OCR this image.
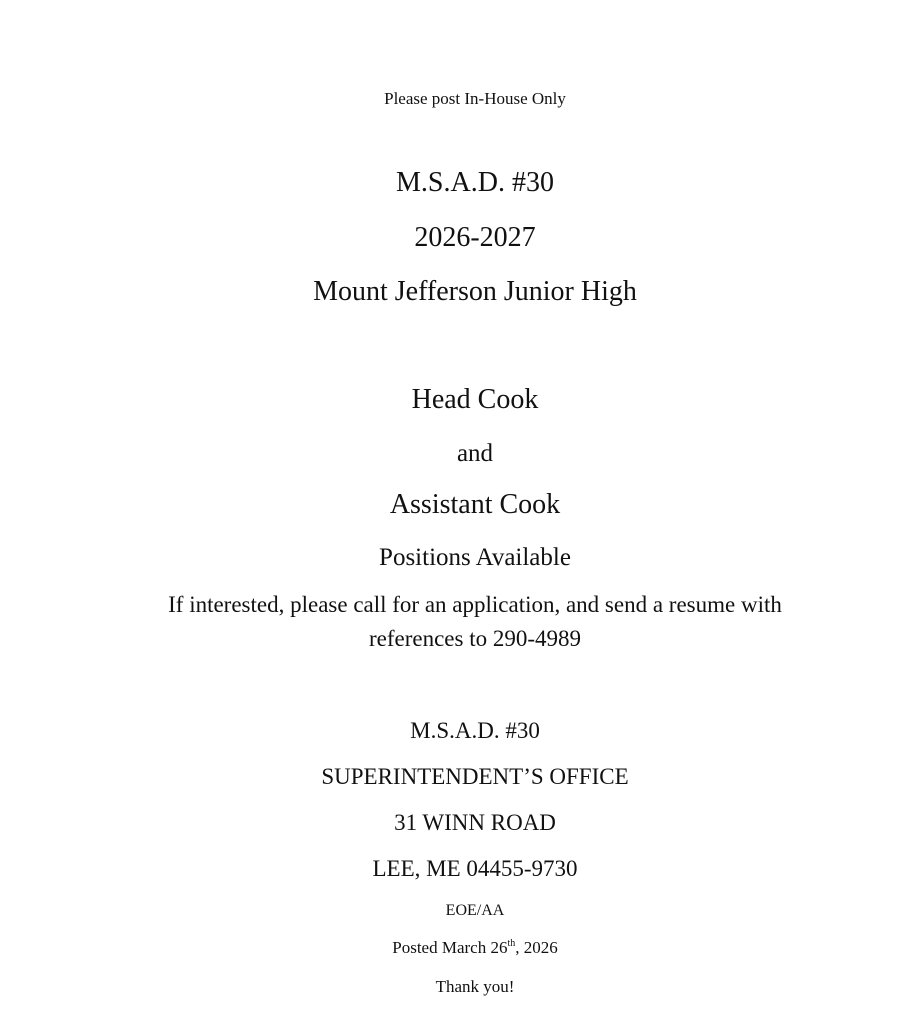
Please post In-House Only
M.S.A.D. #30
2026-2027
Mount Jefferson Junior High
Head Cook
and
Assistant Cook
Positions Available
If interested, please call for an application, and send a resume with
references to 290-4989
M.S.A.D. #30
SUPERINTENDENT’S OFFICE
31 WINN ROAD
LEE, ME 04455-9730
EOE/AA
Posted March 26th, 2026
Thank you!
